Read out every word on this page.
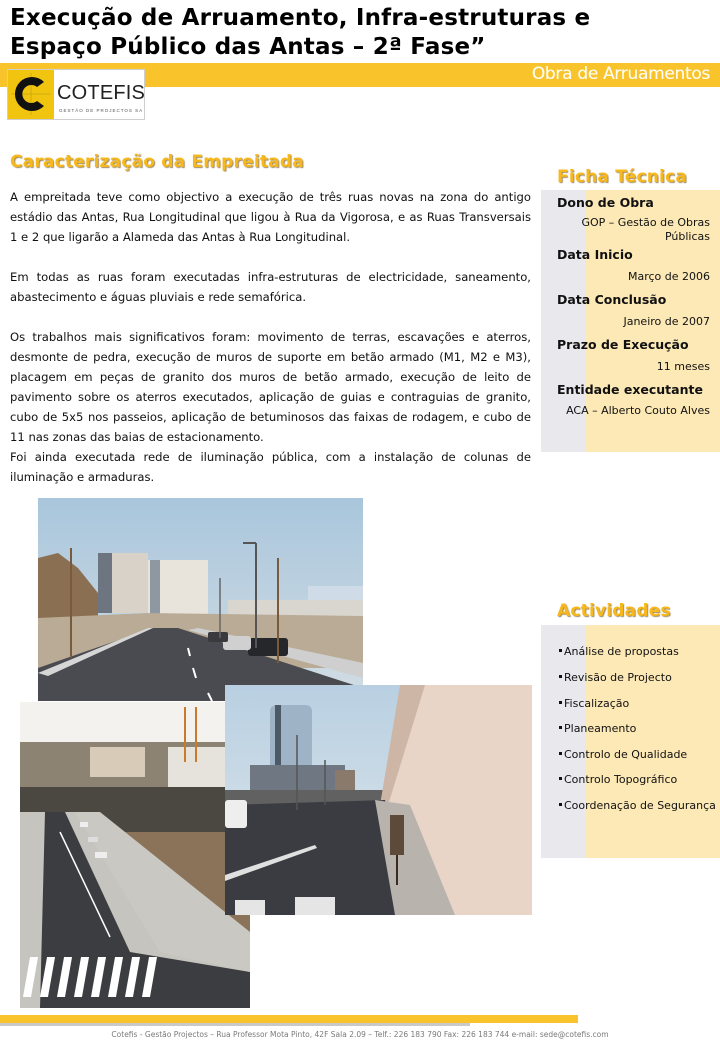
Execução de Arruamento, Infra-estruturas e
Espaço Público das Antas – 2ª Fase”
Obra de Arruamentos
COTEFIS
GESTÃO DE PROJECTOS SA
Caracterização da Empreitada

A empreitada teve como objectivo a execução de três ruas novas na zona do antigo estádio das Antas, Rua Longitudinal que ligou à Rua da Vigorosa, e as Ruas Transversais 1 e 2 que ligarão a Alameda das Antas à Rua Longitudinal.

Em todas as ruas foram executadas infra-estruturas de electricidade, saneamento, abastecimento e águas pluviais e rede semafórica.

Os trabalhos mais significativos foram: movimento de terras, escavações e aterros, desmonte de pedra, execução de muros de suporte em betão armado (M1, M2 e M3), placagem em peças de granito dos muros de betão armado, execução de leito de pavimento sobre os aterros executados, aplicação de guias e contraguias de granito, cubo de 5x5 nos passeios, aplicação de betuminosos das faixas de rodagem, e cubo de 11 nas zonas das baias de estacionamento.

Foi ainda executada rede de iluminação pública, com a instalação de colunas de iluminação e armaduras.

Ficha Técnica
Dono de Obra
GOP – Gestão de Obras Públicas
Data Inicio
Março de 2006
Data Conclusão
Janeiro de 2007
Prazo de Execução
11 meses
Entidade executante
ACA – Alberto Couto Alves
Actividades
Análise de propostas
Revisão de Projecto
Fiscalização
Planeamento
Controlo de Qualidade
Controlo Topográfico
Coordenação de Segurança
Cotefis - Gestão Projectos – Rua Professor Mota Pinto, 42F Sala 2.09 – Telf.: 226 183 790 Fax: 226 183 744 e-mail: sede@cotefis.com
